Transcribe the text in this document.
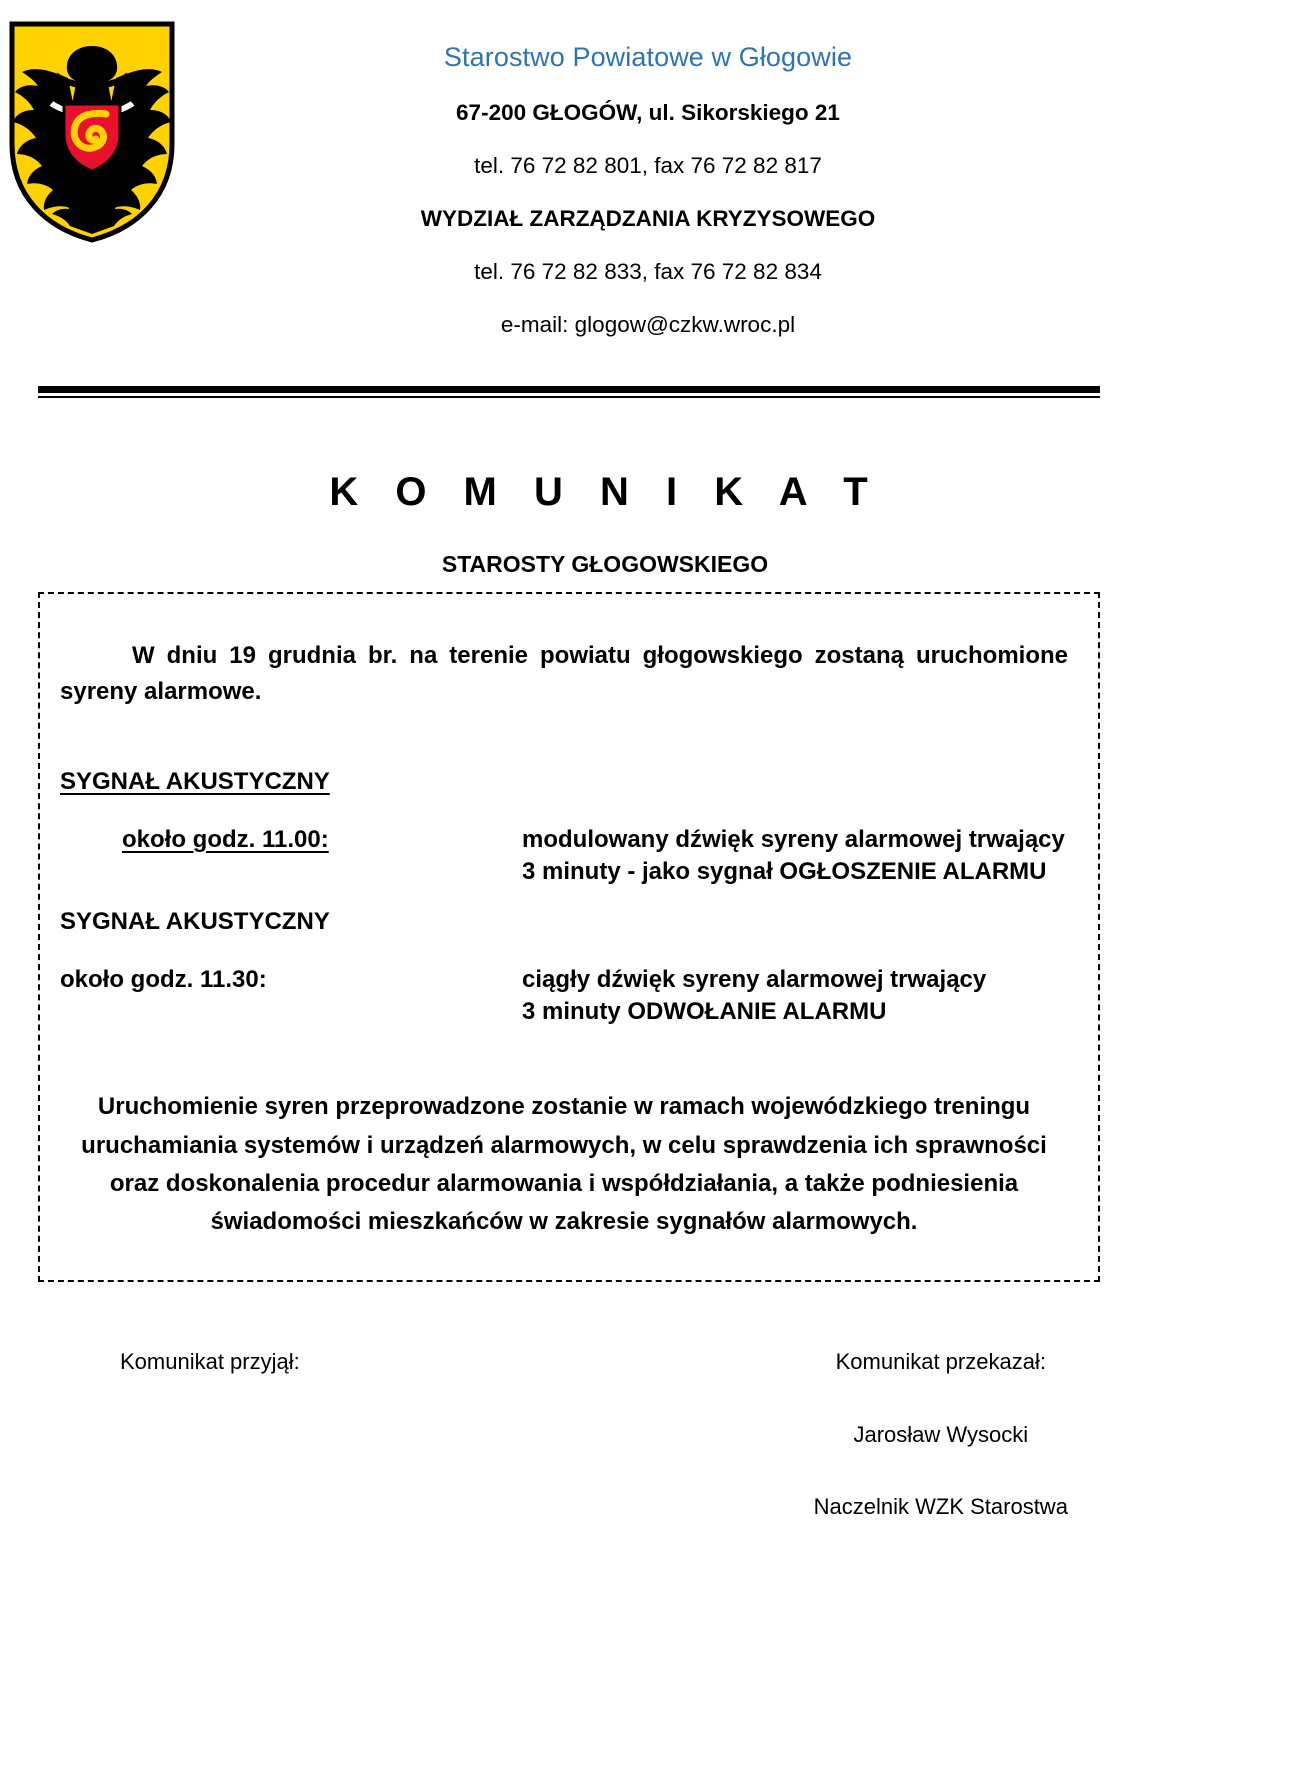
Starostwo Powiatowe w Głogowie
67-200 GŁOGÓW, ul. Sikorskiego 21
tel. 76 72 82 801, fax 76 72 82 817
WYDZIAŁ ZARZĄDZANIA KRYZYSOWEGO
tel. 76 72 82 833, fax 76 72 82 834
e-mail: glogow@czkw.wroc.pl
K O M U N I K A T
STAROSTY GŁOGOWSKIEGO

W dniu 19 grudnia br. na terenie powiatu głogowskiego zostaną uruchomione syreny alarmowe.

SYGNAŁ AKUSTYCZNY
około godz. 11.00:	modulowany dźwięk syreny alarmowej trwający
3 minuty - jako sygnał OGŁOSZENIE ALARMU
SYGNAŁ AKUSTYCZNY
około godz. 11.30:	ciągły dźwięk syreny alarmowej trwający
3 minuty ODWOŁANIE ALARMU

Uruchomienie syren przeprowadzone zostanie w ramach wojewódzkiego treningu uruchamiania systemów i urządzeń alarmowych, w celu sprawdzenia ich sprawności oraz doskonalenia procedur alarmowania i współdziałania, a także podniesienia świadomości mieszkańców w zakresie sygnałów alarmowych.

Komunikat przyjął:	Komunikat przekazał:
Jarosław Wysocki
Naczelnik WZK Starostwa
